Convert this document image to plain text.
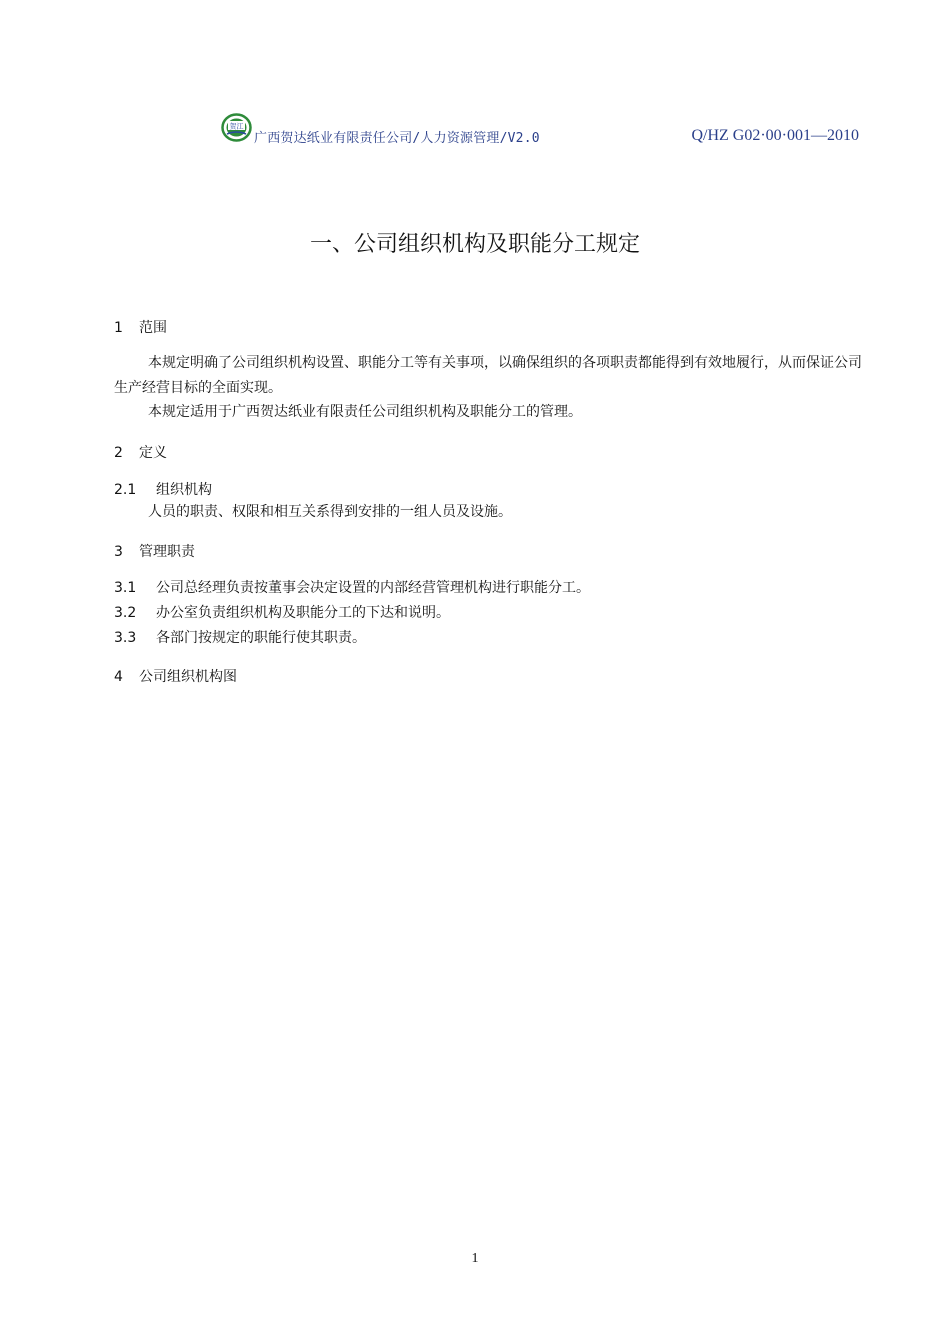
贺江
广西贺达纸业有限责任公司/人力资源管理/V2.0	Q/HZ G02·00·001—2010
一、公司组织机构及职能分工规定
1 范围
本规定明确了公司组织机构设置、职能分工等有关事项，以确保组织的各项职责都能得到有效地履行，从而保证公司生产经营目标的全面实现。
本规定适用于广西贺达纸业有限责任公司组织机构及职能分工的管理。
2 定义
2.1 组织机构
人员的职责、权限和相互关系得到安排的一组人员及设施。
3 管理职责
3.1 公司总经理负责按董事会决定设置的内部经营管理机构进行职能分工。
3.2 办公室负责组织机构及职能分工的下达和说明。
3.3 各部门按规定的职能行使其职责。
4 公司组织机构图
1
